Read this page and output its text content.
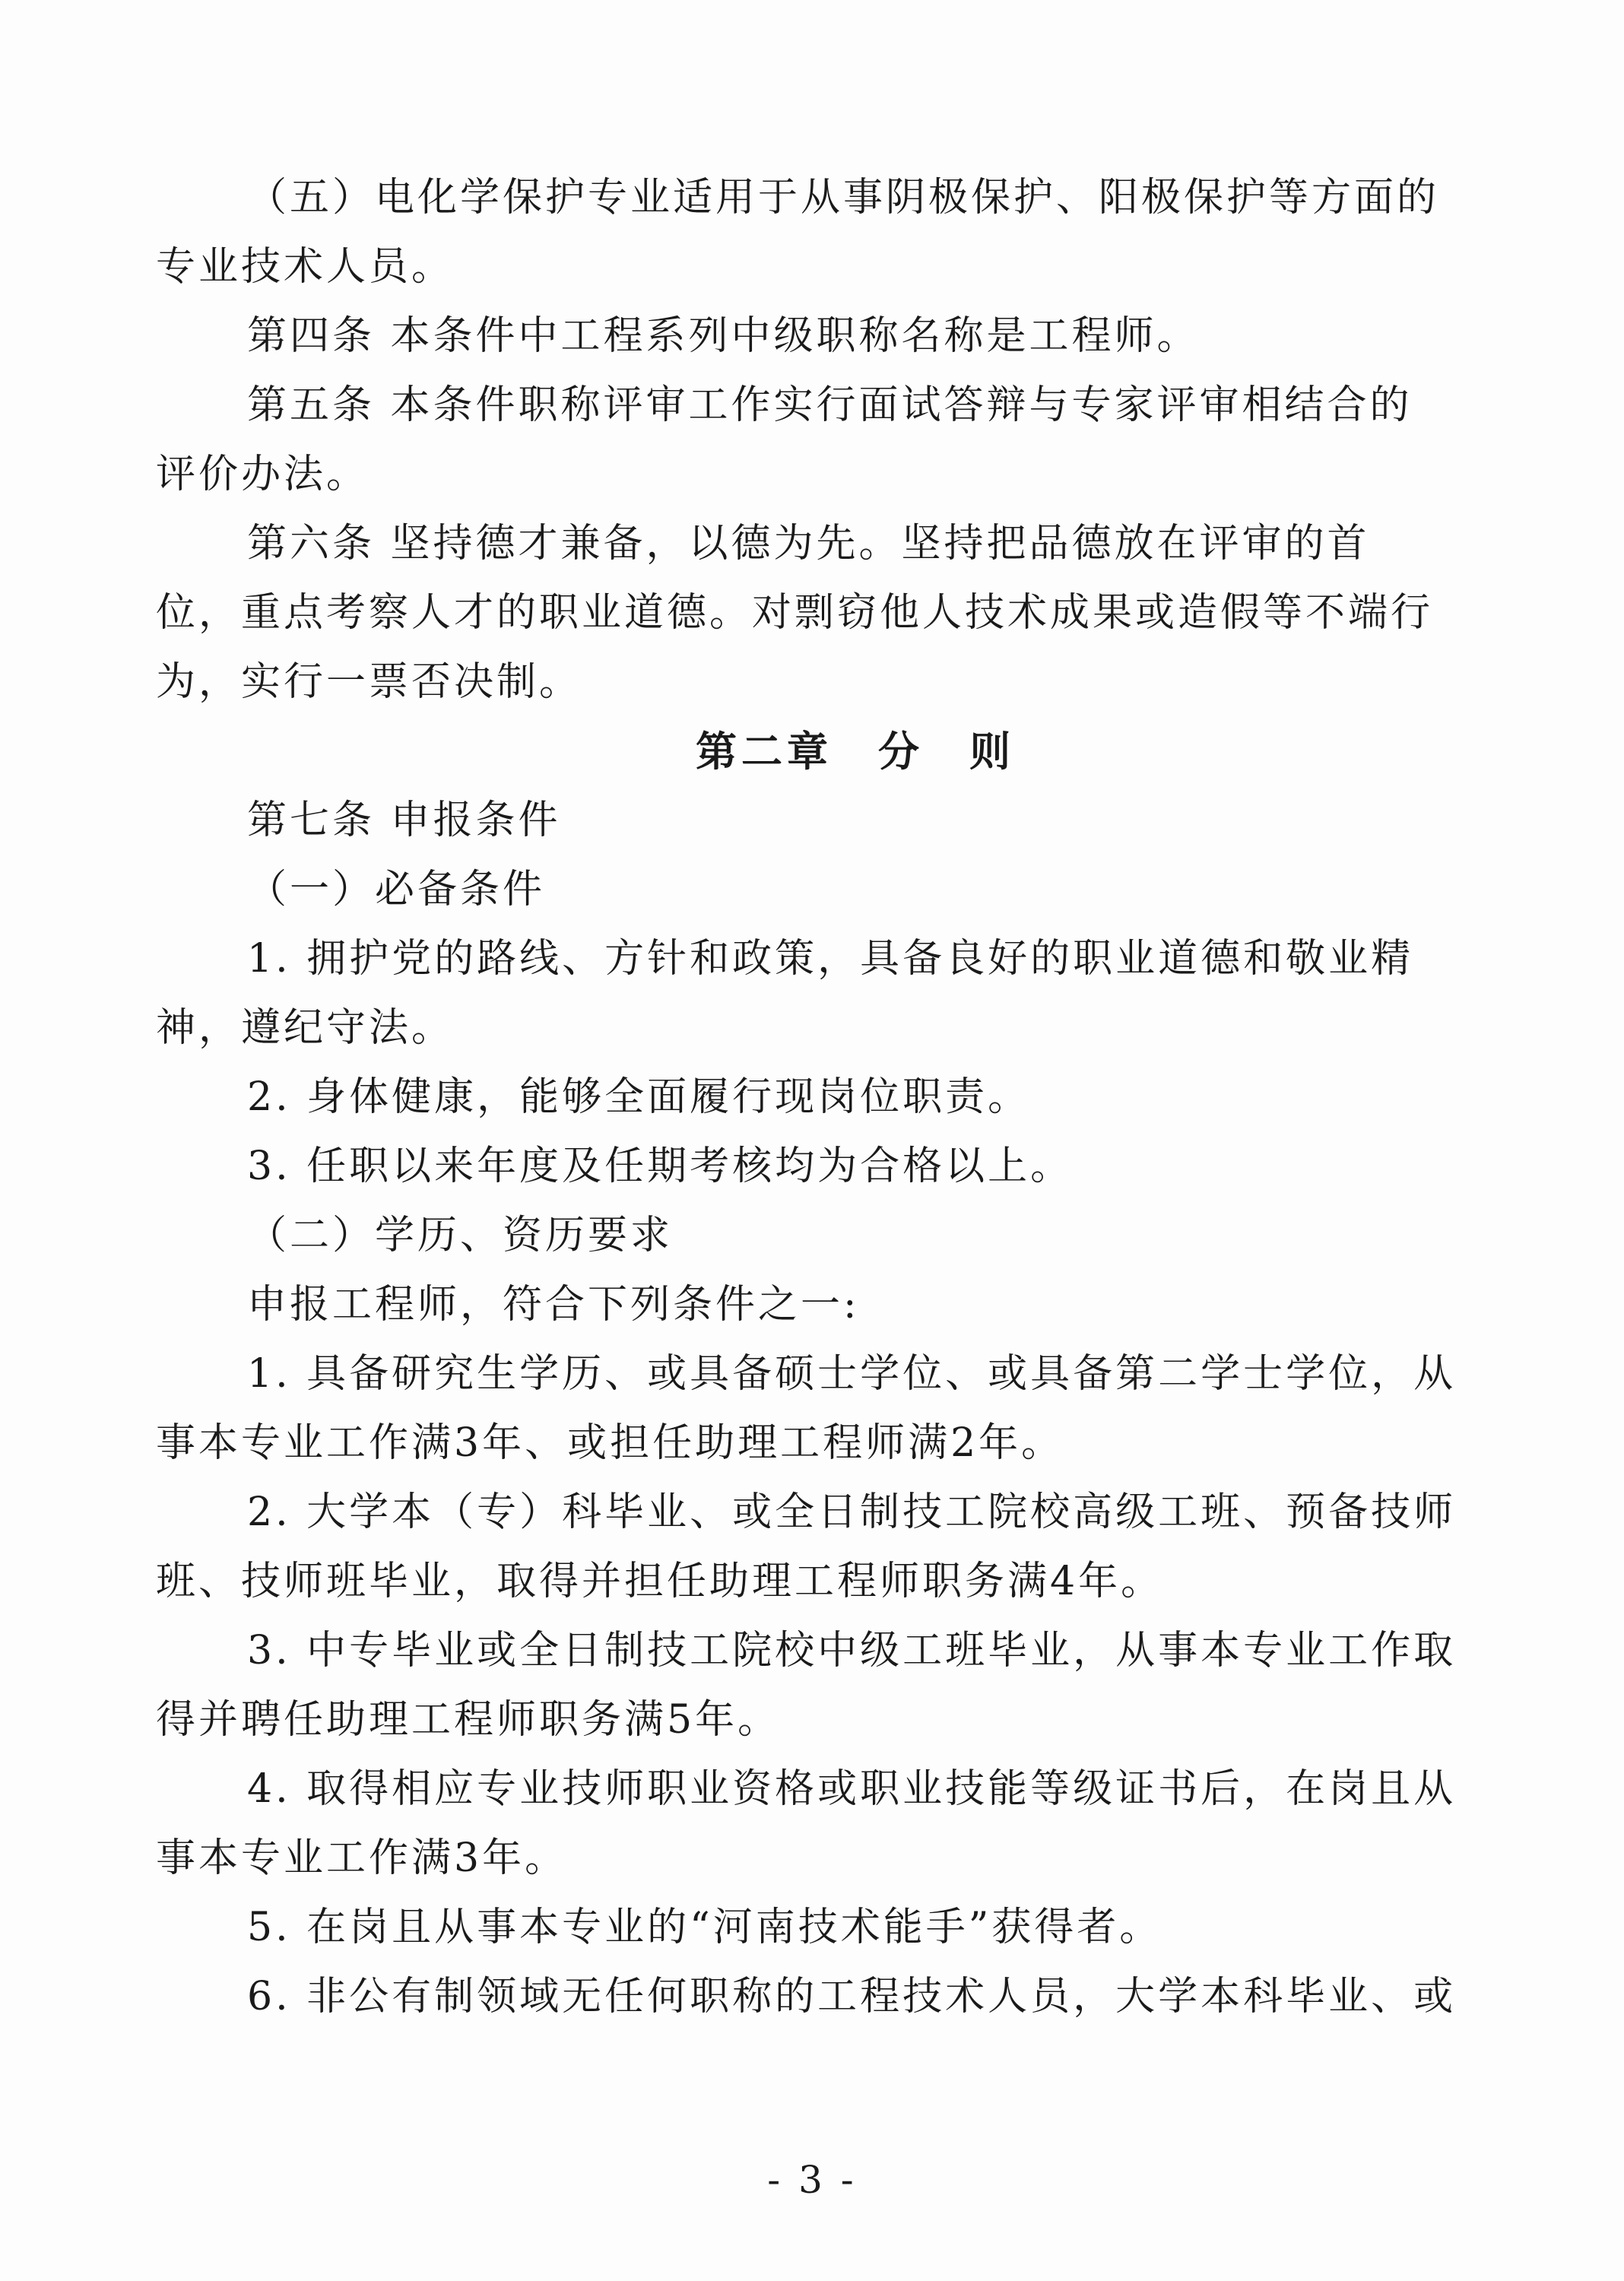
（五）电化学保护专业适用于从事阴极保护、阳极保护等方面的
专业技术人员。
第四条 本条件中工程系列中级职称名称是工程师。
第五条 本条件职称评审工作实行面试答辩与专家评审相结合的
评价办法。
第六条 坚持德才兼备，以德为先。坚持把品德放在评审的首
位，重点考察人才的职业道德。对剽窃他人技术成果或造假等不端行
为，实行一票否决制。
第二章　分　则
第七条 申报条件
（一）必备条件
1. 拥护党的路线、方针和政策，具备良好的职业道德和敬业精
神，遵纪守法。
2. 身体健康，能够全面履行现岗位职责。
3. 任职以来年度及任期考核均为合格以上。
（二）学历、资历要求
申报工程师，符合下列条件之一:
1. 具备研究生学历、或具备硕士学位、或具备第二学士学位，从
事本专业工作满3年、或担任助理工程师满2年。
2. 大学本（专）科毕业、或全日制技工院校高级工班、预备技师
班、技师班毕业，取得并担任助理工程师职务满4年。
3. 中专毕业或全日制技工院校中级工班毕业，从事本专业工作取
得并聘任助理工程师职务满5年。
4. 取得相应专业技师职业资格或职业技能等级证书后，在岗且从
事本专业工作满3年。
5. 在岗且从事本专业的“河南技术能手”获得者。
6. 非公有制领域无任何职称的工程技术人员，大学本科毕业、或
- 3 -
